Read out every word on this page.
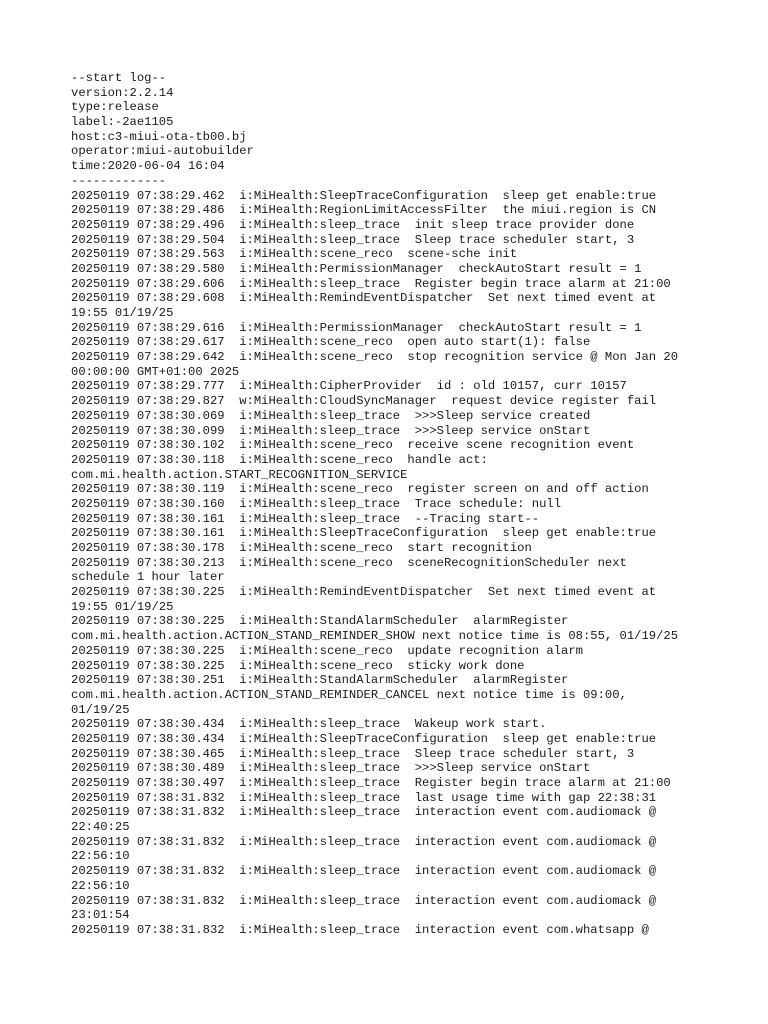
--start log--
version:2.2.14
type:release
label:-2ae1105
host:c3-miui-ota-tb00.bj
operator:miui-autobuilder
time:2020-06-04 16:04
-------------
20250119 07:38:29.462  i:MiHealth:SleepTraceConfiguration  sleep get enable:true
20250119 07:38:29.486  i:MiHealth:RegionLimitAccessFilter  the miui.region is CN
20250119 07:38:29.496  i:MiHealth:sleep_trace  init sleep trace provider done
20250119 07:38:29.504  i:MiHealth:sleep_trace  Sleep trace scheduler start, 3
20250119 07:38:29.563  i:MiHealth:scene_reco  scene-sche init
20250119 07:38:29.580  i:MiHealth:PermissionManager  checkAutoStart result = 1
20250119 07:38:29.606  i:MiHealth:sleep_trace  Register begin trace alarm at 21:00
20250119 07:38:29.608  i:MiHealth:RemindEventDispatcher  Set next timed event at
19:55 01/19/25
20250119 07:38:29.616  i:MiHealth:PermissionManager  checkAutoStart result = 1
20250119 07:38:29.617  i:MiHealth:scene_reco  open auto start(1): false
20250119 07:38:29.642  i:MiHealth:scene_reco  stop recognition service @ Mon Jan 20
00:00:00 GMT+01:00 2025
20250119 07:38:29.777  i:MiHealth:CipherProvider  id : old 10157, curr 10157
20250119 07:38:29.827  w:MiHealth:CloudSyncManager  request device register fail
20250119 07:38:30.069  i:MiHealth:sleep_trace  >>>Sleep service created
20250119 07:38:30.099  i:MiHealth:sleep_trace  >>>Sleep service onStart
20250119 07:38:30.102  i:MiHealth:scene_reco  receive scene recognition event
20250119 07:38:30.118  i:MiHealth:scene_reco  handle act:
com.mi.health.action.START_RECOGNITION_SERVICE
20250119 07:38:30.119  i:MiHealth:scene_reco  register screen on and off action
20250119 07:38:30.160  i:MiHealth:sleep_trace  Trace schedule: null
20250119 07:38:30.161  i:MiHealth:sleep_trace  --Tracing start--
20250119 07:38:30.161  i:MiHealth:SleepTraceConfiguration  sleep get enable:true
20250119 07:38:30.178  i:MiHealth:scene_reco  start recognition
20250119 07:38:30.213  i:MiHealth:scene_reco  sceneRecognitionScheduler next
schedule 1 hour later
20250119 07:38:30.225  i:MiHealth:RemindEventDispatcher  Set next timed event at
19:55 01/19/25
20250119 07:38:30.225  i:MiHealth:StandAlarmScheduler  alarmRegister
com.mi.health.action.ACTION_STAND_REMINDER_SHOW next notice time is 08:55, 01/19/25
20250119 07:38:30.225  i:MiHealth:scene_reco  update recognition alarm
20250119 07:38:30.225  i:MiHealth:scene_reco  sticky work done
20250119 07:38:30.251  i:MiHealth:StandAlarmScheduler  alarmRegister
com.mi.health.action.ACTION_STAND_REMINDER_CANCEL next notice time is 09:00,
01/19/25
20250119 07:38:30.434  i:MiHealth:sleep_trace  Wakeup work start.
20250119 07:38:30.434  i:MiHealth:SleepTraceConfiguration  sleep get enable:true
20250119 07:38:30.465  i:MiHealth:sleep_trace  Sleep trace scheduler start, 3
20250119 07:38:30.489  i:MiHealth:sleep_trace  >>>Sleep service onStart
20250119 07:38:30.497  i:MiHealth:sleep_trace  Register begin trace alarm at 21:00
20250119 07:38:31.832  i:MiHealth:sleep_trace  last usage time with gap 22:38:31
20250119 07:38:31.832  i:MiHealth:sleep_trace  interaction event com.audiomack @
22:40:25
20250119 07:38:31.832  i:MiHealth:sleep_trace  interaction event com.audiomack @
22:56:10
20250119 07:38:31.832  i:MiHealth:sleep_trace  interaction event com.audiomack @
22:56:10
20250119 07:38:31.832  i:MiHealth:sleep_trace  interaction event com.audiomack @
23:01:54
20250119 07:38:31.832  i:MiHealth:sleep_trace  interaction event com.whatsapp @
